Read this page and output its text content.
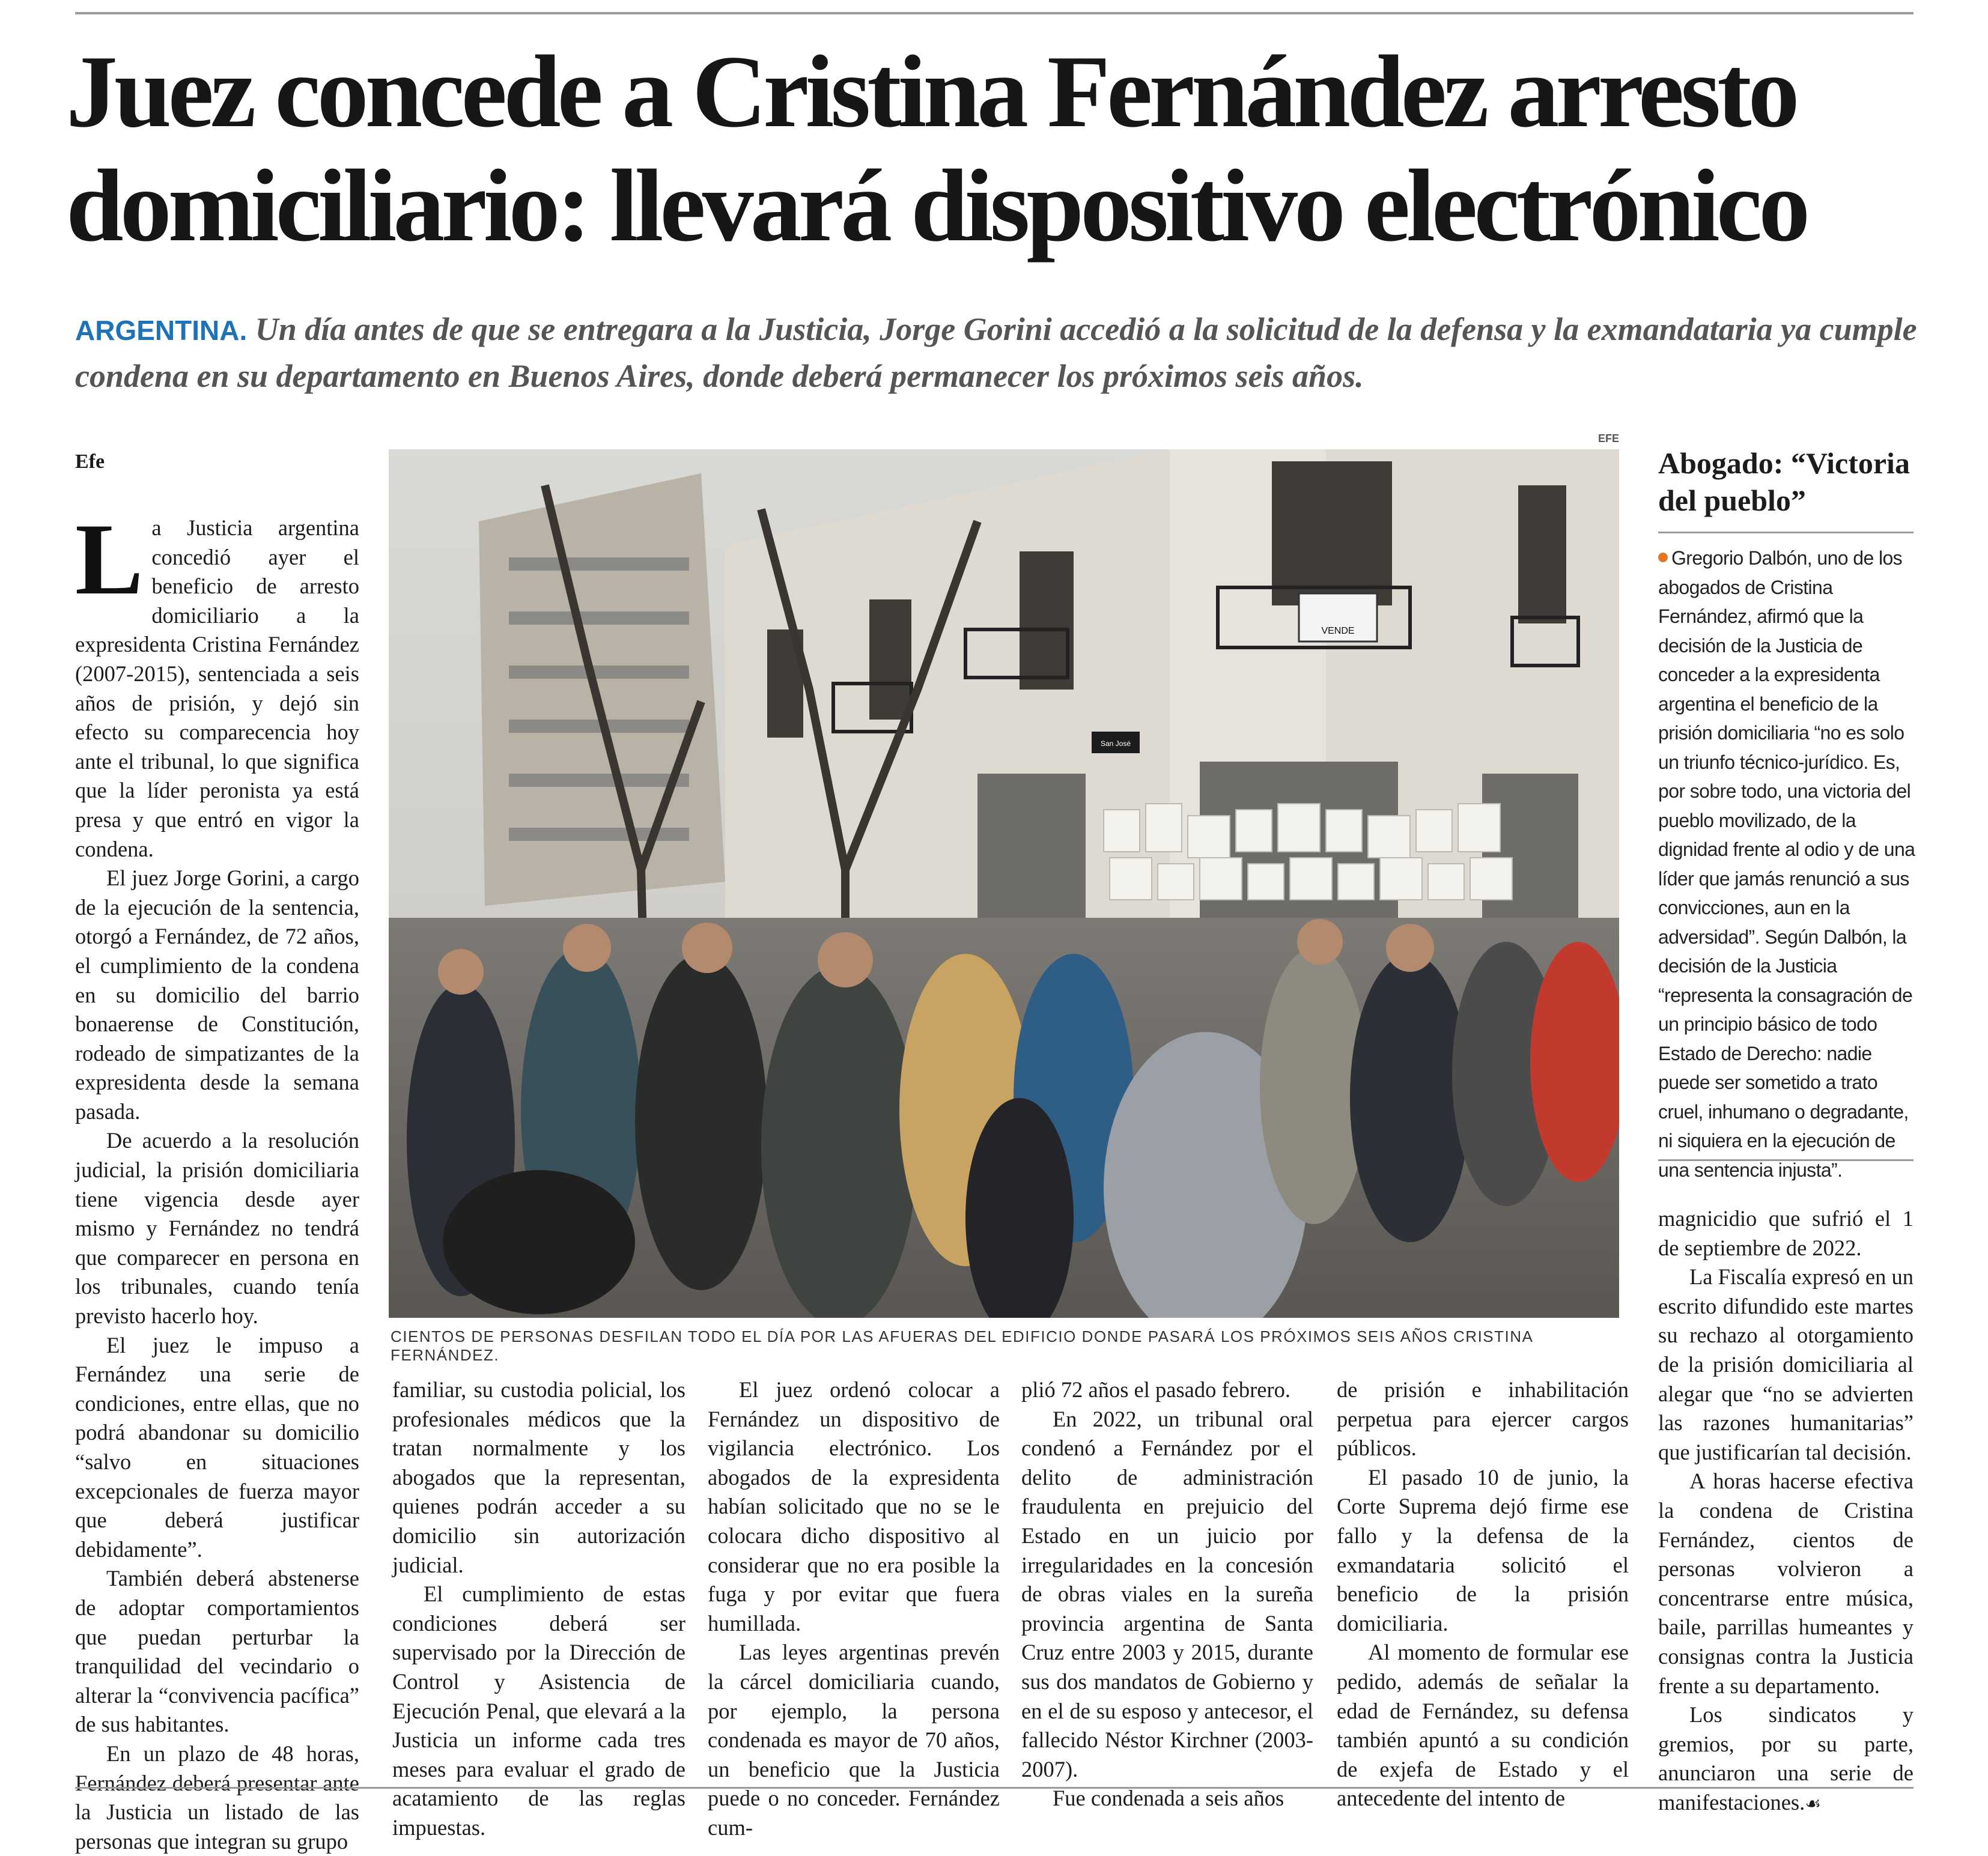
Juez concede a Cristina Fernández arresto domiciliario: llevará dispositivo electrónico

ARGENTINA. Un día antes de que se entregara a la Justicia, Jorge Gorini accedió a la solicitud de la defensa y la exmandataria ya cumple condena en su departamento en Buenos Aires, donde deberá permanecer los próximos seis años.

Efe

La Justicia argentina concedió ayer el beneficio de arresto domiciliario a la expresidenta Cristina Fernández (2007-2015), sentenciada a seis años de prisión, y dejó sin efecto su comparecencia hoy ante el tribunal, lo que significa que la líder peronista ya está presa y que entró en vigor la condena.

El juez Jorge Gorini, a cargo de la ejecución de la sentencia, otorgó a Fernández, de 72 años, el cumplimiento de la condena en su domicilio del barrio bonaerense de Constitución, rodeado de simpatizantes de la expresidenta desde la semana pasada.

De acuerdo a la resolución judicial, la prisión domiciliaria tiene vigencia desde ayer mismo y Fernández no tendrá que comparecer en persona en los tribunales, cuando tenía previsto hacerlo hoy.

El juez le impuso a Fernández una serie de condiciones, entre ellas, que no podrá abandonar su domicilio “salvo en situaciones excepcionales de fuerza mayor que deberá justificar debidamente”.

También deberá abstenerse de adoptar comportamientos que puedan perturbar la tranquilidad del vecindario o alterar la “convivencia pacífica” de sus habitantes.

En un plazo de 48 horas, Fernández deberá presentar ante la Justicia un listado de las personas que integran su grupo

EFE
VENDE
San José
CIENTOS DE PERSONAS DESFILAN TODO EL DÍA POR LAS AFUERAS DEL EDIFICIO DONDE PASARÁ LOS PRÓXIMOS SEIS AÑOS CRISTINA FERNÁNDEZ.

familiar, su custodia policial, los profesionales médicos que la tratan normalmente y los abogados que la representan, quienes podrán acceder a su domicilio sin autorización judicial.

El cumplimiento de estas condiciones deberá ser supervisado por la Dirección de Control y Asistencia de Ejecución Penal, que elevará a la Justicia un informe cada tres meses para evaluar el grado de acatamiento de las reglas impuestas.

El juez ordenó colocar a Fernández un dispositivo de vigilancia electrónico. Los abogados de la expresidenta habían solicitado que no se le colocara dicho dispositivo al considerar que no era posible la fuga y por evitar que fuera humillada.

Las leyes argentinas prevén la cárcel domiciliaria cuando, por ejemplo, la persona condenada es mayor de 70 años, un beneficio que la Justicia puede o no conceder. Fernández cum-

plió 72 años el pasado febrero.

En 2022, un tribunal oral condenó a Fernández por el delito de administración fraudulenta en prejuicio del Estado en un juicio por irregularidades en la concesión de obras viales en la sureña provincia argentina de Santa Cruz entre 2003 y 2015, durante sus dos mandatos de Gobierno y en el de su esposo y antecesor, el fallecido Néstor Kirchner (2003-2007).

Fue condenada a seis años

de prisión e inhabilitación perpetua para ejercer cargos públicos.

El pasado 10 de junio, la Corte Suprema dejó firme ese fallo y la defensa de la exmandataria solicitó el beneficio de la prisión domiciliaria.

Al momento de formular ese pedido, además de señalar la edad de Fernández, su defensa también apuntó a su condición de exjefa de Estado y el antecedente del intento de

Abogado: “Victoria del pueblo”

Gregorio Dalbón, uno de los abogados de Cristina Fernández, afirmó que la decisión de la Justicia de conceder a la expresidenta argentina el beneficio de la prisión domiciliaria “no es solo un triunfo técnico-jurídico. Es, por sobre todo, una victoria del pueblo movilizado, de la dignidad frente al odio y de una líder que jamás renunció a sus convicciones, aun en la adversidad”. Según Dalbón, la decisión de la Justicia “representa la consagración de un principio básico de todo Estado de Derecho: nadie puede ser sometido a trato cruel, inhumano o degradante, ni siquiera en la ejecución de una sentencia injusta”.

magnicidio que sufrió el 1 de septiembre de 2022.

La Fiscalía expresó en un escrito difundido este martes su rechazo al otorgamiento de la prisión domiciliaria al alegar que “no se advierten las razones humanitarias” que justificarían tal decisión.

A horas hacerse efectiva la condena de Cristina Fernández, cientos de personas volvieron a concentrarse entre música, baile, parrillas humeantes y consignas contra la Justicia frente a su departamento.

Los sindicatos y gremios, por su parte, anunciaron una serie de manifestaciones.☙
